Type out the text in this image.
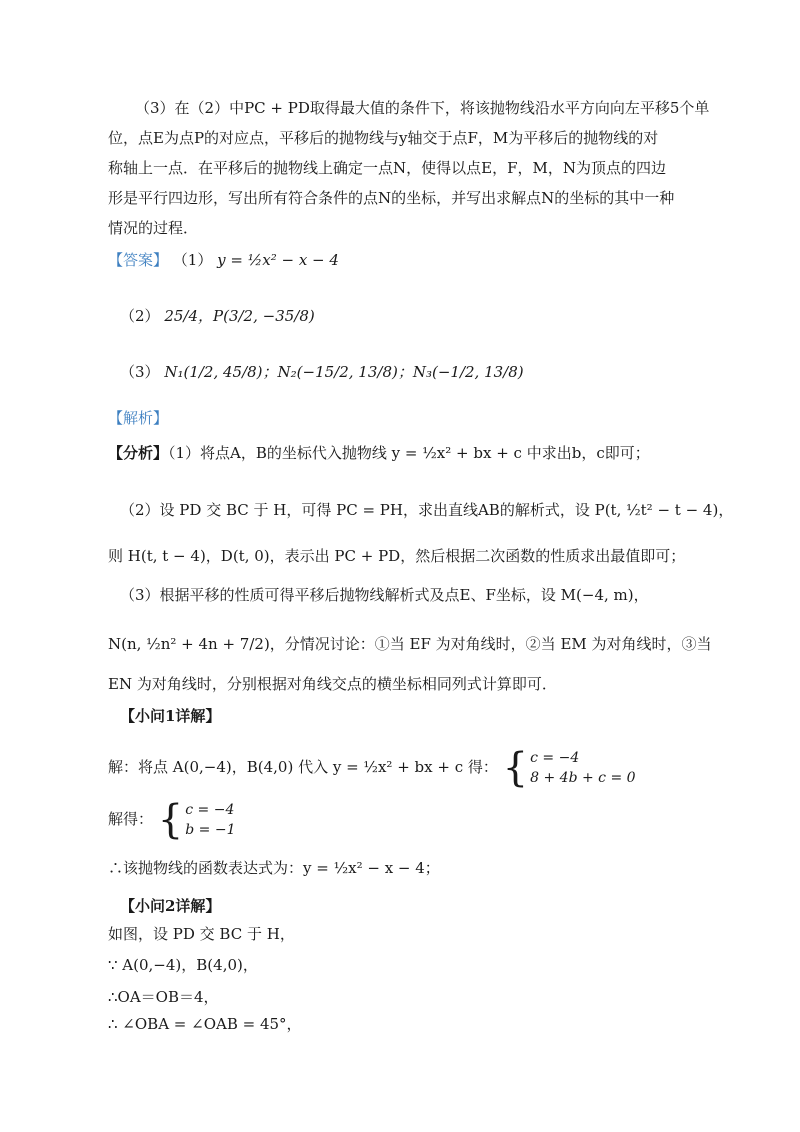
（3）在（2）中PC + PD取得最大值的条件下，将该抛物线沿水平方向向左平移5个单
位，点E为点P的对应点，平移后的抛物线与y轴交于点F，M为平移后的抛物线的对
称轴上一点．在平移后的抛物线上确定一点N，使得以点E，F，M，N为顶点的四边
形是平行四边形，写出所有符合条件的点N的坐标，并写出求解点N的坐标的其中一种
情况的过程．
【答案】 （1） y = ½x² − x − 4
（2） 25/4，P(3/2, −35/8)
（3） N₁(1/2, 45/8)；N₂(−15/2, 13/8)；N₃(−1/2, 13/8)
【解析】
【分析】（1）将点A，B的坐标代入抛物线 y = ½x² + bx + c 中求出b，c即可；
（2）设 PD 交 BC 于 H，可得 PC = PH，求出直线AB的解析式，设 P(t, ½t² − t − 4)，
则 H(t, t − 4)，D(t, 0)，表示出 PC + PD，然后根据二次函数的性质求出最值即可；
（3）根据平移的性质可得平移后抛物线解析式及点E、F坐标，设 M(−4, m)，
N(n, ½n² + 4n + 7/2)，分情况讨论：①当 EF 为对角线时，②当 EM 为对角线时，③当
EN 为对角线时，分别根据对角线交点的横坐标相同列式计算即可．
【小问1详解】
解：将点 A(0,−4)，B(4,0) 代入 y = ½x² + bx + c 得： { c = −4
8 + 4b + c = 0
解得： { c = −4
b = −1
∴该抛物线的函数表达式为：y = ½x² − x − 4；
【小问2详解】
如图，设 PD 交 BC 于 H，
∵ A(0,−4)，B(4,0)，
∴OA＝OB＝4，
∴ ∠OBA = ∠OAB = 45°，
